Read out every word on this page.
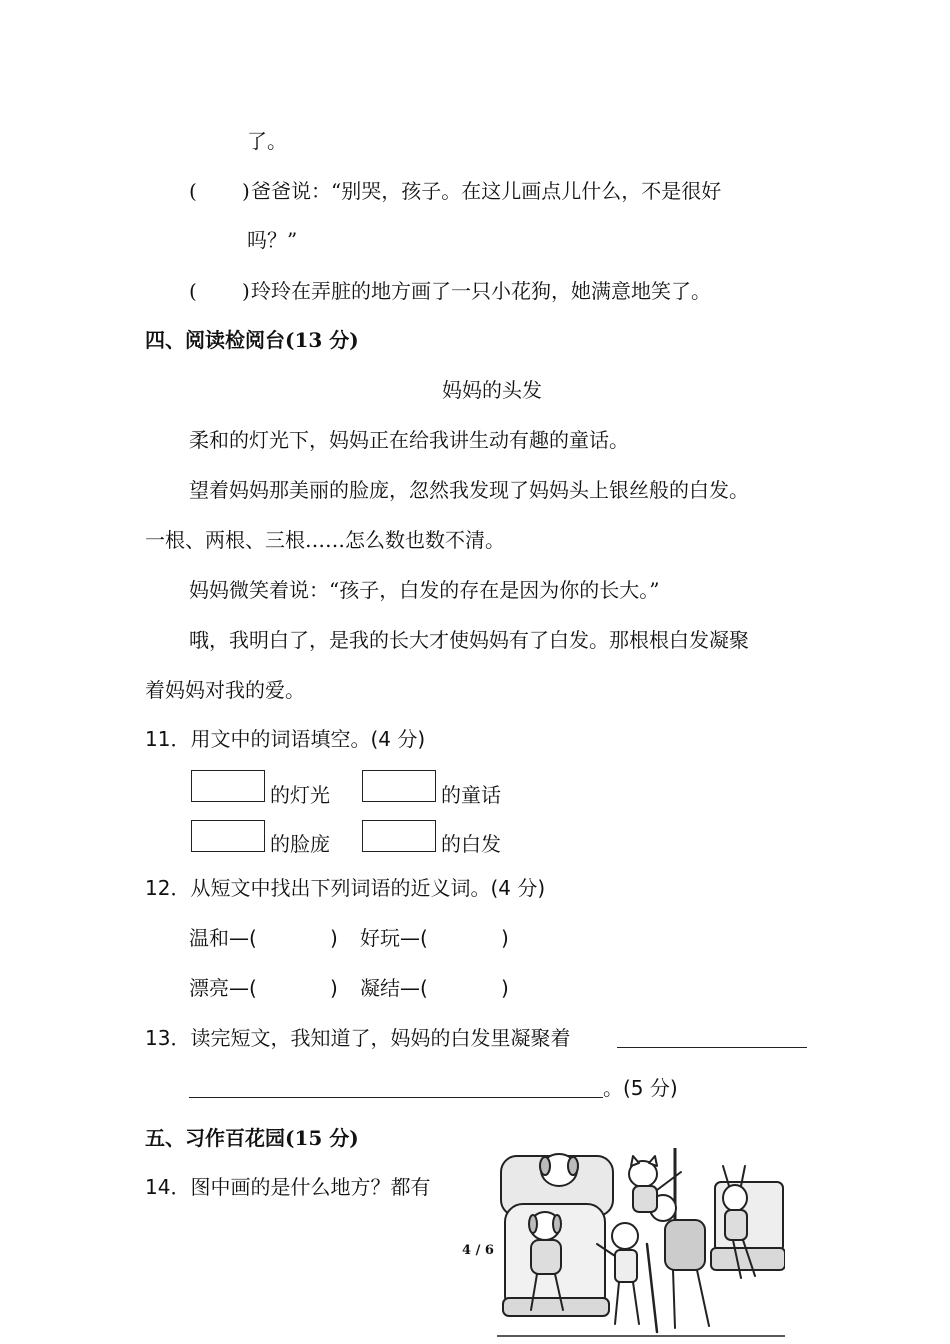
了。
( ) 爸爸说：“别哭，孩子。在这儿画点儿什么，不是很好
吗？”
( ) 玲玲在弄脏的地方画了一只小花狗，她满意地笑了。
四、阅读检阅台(13 分)
妈妈的头发
柔和的灯光下，妈妈正在给我讲生动有趣的童话。
望着妈妈那美丽的脸庞，忽然我发现了妈妈头上银丝般的白发。
一根、两根、三根……怎么数也数不清。
妈妈微笑着说：“孩子，白发的存在是因为你的长大。”
哦，我明白了，是我的长大才使妈妈有了白发。那根根白发凝聚
着妈妈对我的爱。
11．用文中的词语填空。(4 分)
的灯光	的童话
的脸庞	的白发
12．从短文中找出下列词语的近义词。(4 分)
温和—(	) 好玩—(	)
漂亮—(	) 凝结—(	)
13．读完短文，我知道了，妈妈的白发里凝聚着
。(5 分)
五、习作百花园(15 分)
14．图中画的是什么地方？都有
4 / 6
